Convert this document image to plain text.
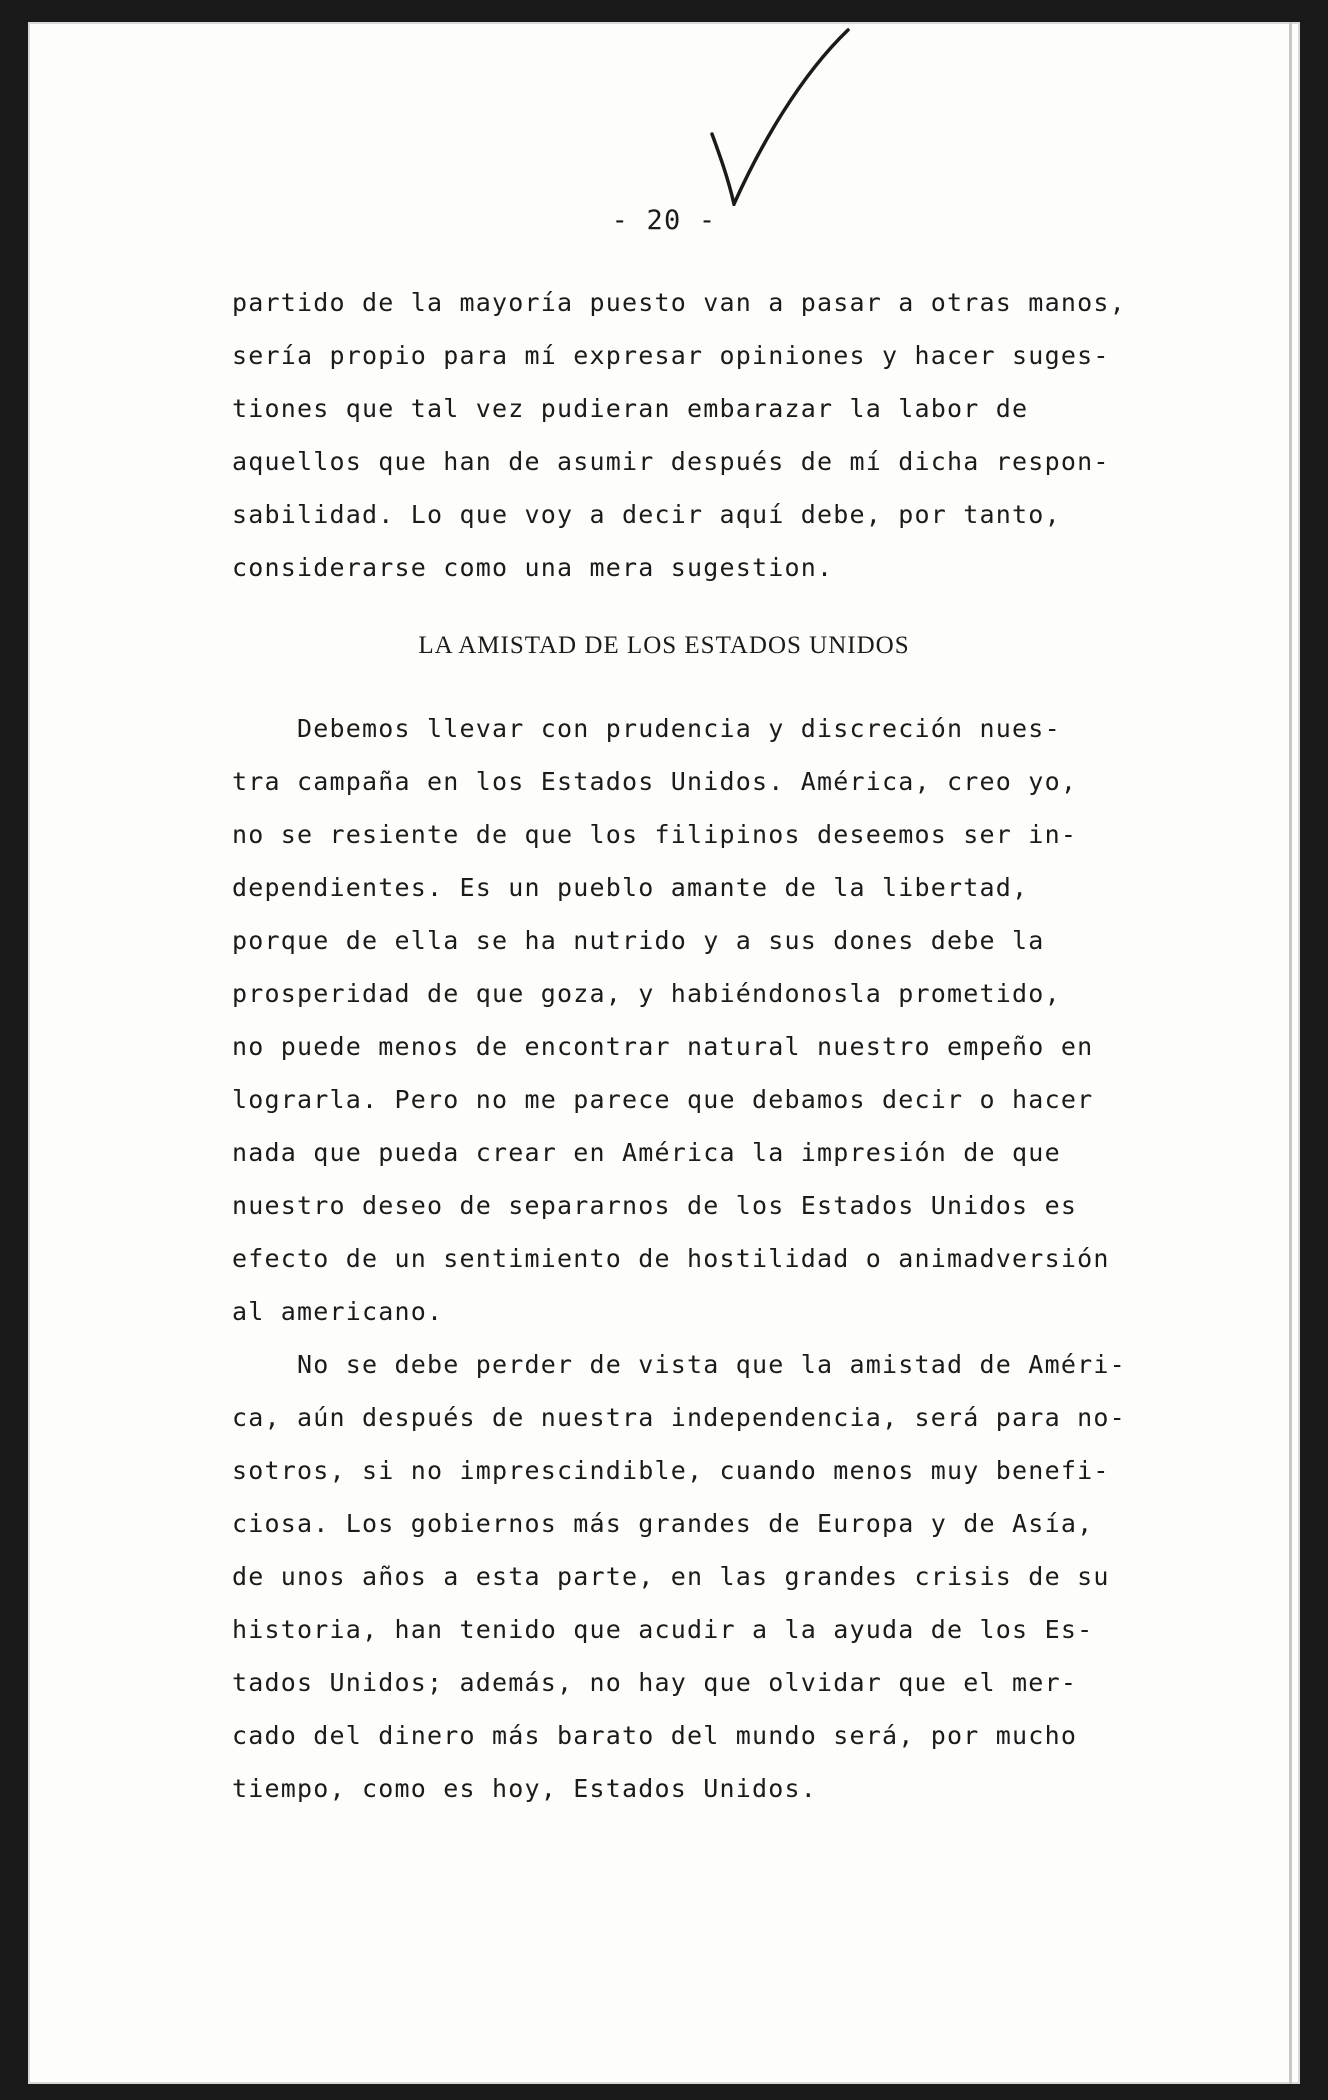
- 20 -
partido de la mayoría puesto van a pasar a otras manos,
sería propio para mí expresar opiniones y hacer suges-
tiones que tal vez pudieran embarazar la labor de
aquellos que han de asumir después de mí dicha respon-
sabilidad. Lo que voy a decir aquí debe, por tanto,
considerarse como una mera sugestion.
LA AMISTAD DE LOS ESTADOS UNIDOS
Debemos llevar con prudencia y discreción nues-
tra campaña en los Estados Unidos. América, creo yo,
no se resiente de que los filipinos deseemos ser in-
dependientes. Es un pueblo amante de la libertad,
porque de ella se ha nutrido y a sus dones debe la
prosperidad de que goza, y habiéndonosla prometido,
no puede menos de encontrar natural nuestro empeño en
lograrla. Pero no me parece que debamos decir o hacer
nada que pueda crear en América la impresión de que
nuestro deseo de separarnos de los Estados Unidos es
efecto de un sentimiento de hostilidad o animadversión
al americano.
No se debe perder de vista que la amistad de Améri-
ca, aún después de nuestra independencia, será para no-
sotros, si no imprescindible, cuando menos muy benefi-
ciosa. Los gobiernos más grandes de Europa y de Asía,
de unos años a esta parte, en las grandes crisis de su
historia, han tenido que acudir a la ayuda de los Es-
tados Unidos; además, no hay que olvidar que el mer-
cado del dinero más barato del mundo será, por mucho
tiempo, como es hoy, Estados Unidos.
